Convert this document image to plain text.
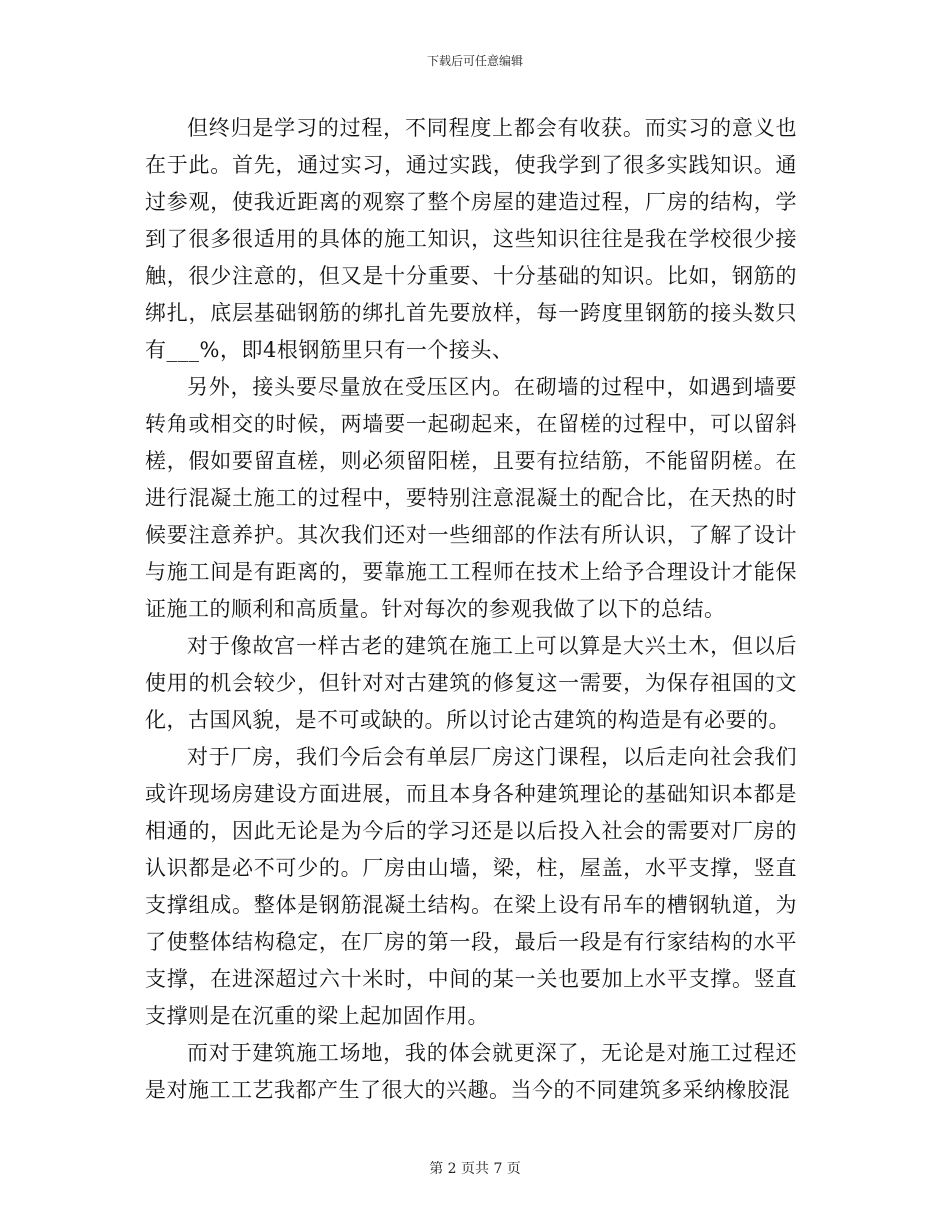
下载后可任意编辑

但终归是学习的过程，不同程度上都会有收获。而实习的意义也在于此。首先，通过实习，通过实践，使我学到了很多实践知识。通过参观，使我近距离的观察了整个房屋的建造过程，厂房的结构，学到了很多很适用的具体的施工知识，这些知识往往是我在学校很少接触，很少注意的，但又是十分重要、十分基础的知识。比如，钢筋的绑扎，底层基础钢筋的绑扎首先要放样，每一跨度里钢筋的接头数只有___%，即4根钢筋里只有一个接头、

另外，接头要尽量放在受压区内。在砌墙的过程中，如遇到墙要转角或相交的时候，两墙要一起砌起来，在留槎的过程中，可以留斜槎，假如要留直槎，则必须留阳槎，且要有拉结筋，不能留阴槎。在进行混凝土施工的过程中，要特别注意混凝土的配合比，在天热的时候要注意养护。其次我们还对一些细部的作法有所认识，了解了设计与施工间是有距离的，要靠施工工程师在技术上给予合理设计才能保证施工的顺利和高质量。针对每次的参观我做了以下的总结。

对于像故宫一样古老的建筑在施工上可以算是大兴土木，但以后使用的机会较少，但针对对古建筑的修复这一需要，为保存祖国的文化，古国风貌，是不可或缺的。所以讨论古建筑的构造是有必要的。

对于厂房，我们今后会有单层厂房这门课程，以后走向社会我们或许现场房建设方面进展，而且本身各种建筑理论的基础知识本都是相通的，因此无论是为今后的学习还是以后投入社会的需要对厂房的认识都是必不可少的。厂房由山墙，梁，柱，屋盖，水平支撑，竖直支撑组成。整体是钢筋混凝土结构。在梁上设有吊车的槽钢轨道，为了使整体结构稳定，在厂房的第一段，最后一段是有行家结构的水平支撑，在进深超过六十米时，中间的某一关也要加上水平支撑。竖直支撑则是在沉重的梁上起加固作用。

而对于建筑施工场地，我的体会就更深了，无论是对施工过程还是对施工工艺我都产生了很大的兴趣。当今的不同建筑多采纳橡胶混

第 2 页共 7 页
